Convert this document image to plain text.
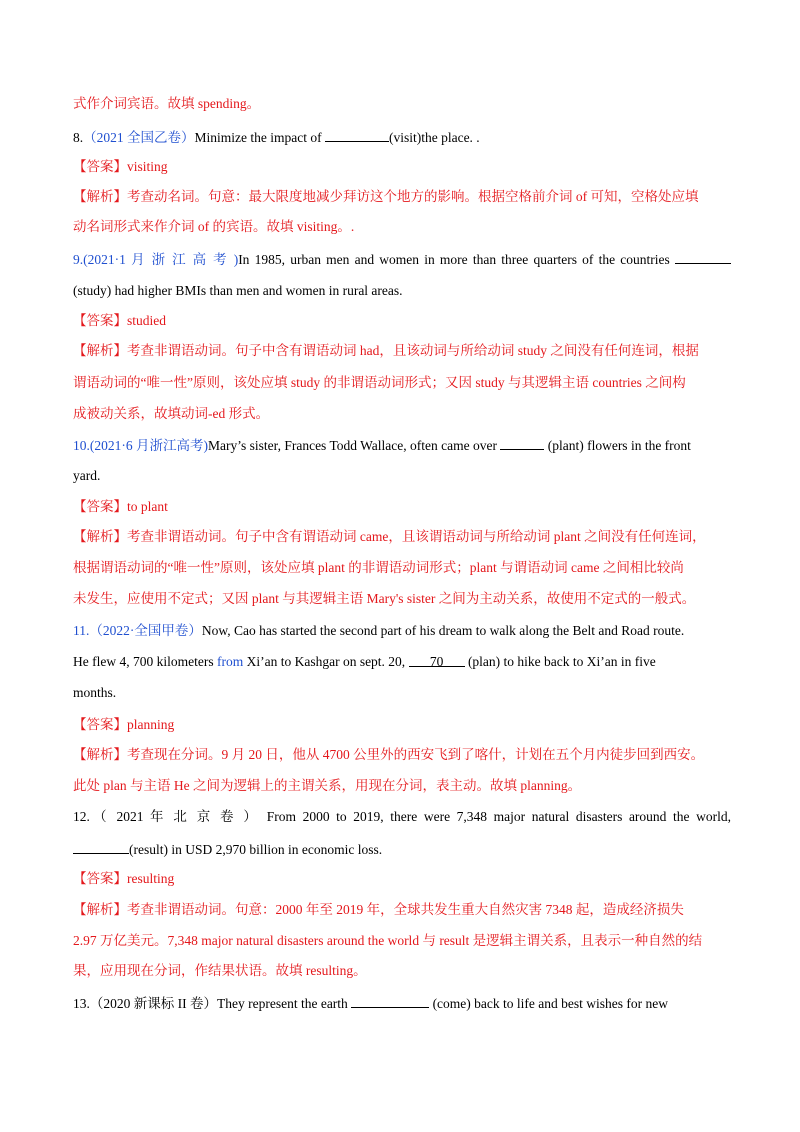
式作介词宾语。故填 spending。
8.（2021 全国乙卷）Minimize the impact of	(visit)the place. .
【答案】visiting
【解析】考查动名词。句意：最大限度地减少拜访这个地方的影响。根据空格前介词 of 可知，空格处应填
动名词形式来作介词 of 的宾语。故填 visiting。.
9.(2021·1 月 浙 江 高 考 )In 1985, urban men and women in more than three quarters of the countries
(study) had higher BMIs than men and women in rural areas.
【答案】studied
【解析】考查非谓语动词。句子中含有谓语动词 had，且该动词与所给动词 study 之间没有任何连词，根据
谓语动词的“唯一性”原则，该处应填 study 的非谓语动词形式；又因 study 与其逻辑主语 countries 之间构
成被动关系，故填动词-ed 形式。
10.(2021·6 月浙江高考)Mary’s sister, Frances Todd Wallace, often came over	(plant) flowers in the front
yard.
【答案】to plant
【解析】考查非谓语动词。句子中含有谓语动词 came，且该谓语动词与所给动词 plant 之间没有任何连词，
根据谓语动词的“唯一性”原则，该处应填 plant 的非谓语动词形式；plant 与谓语动词 came 之间相比较尚
未发生，应使用不定式；又因 plant 与其逻辑主语 Mary's sister 之间为主动关系，故使用不定式的一般式。
11.（2022·全国甲卷）Now, Cao has started the second part of his dream to walk along the Belt and Road route.
He flew 4, 700 kilometers from Xi’an to Kashgar on sept. 20, 70 (plan) to hike back to Xi’an in five
months.
【答案】planning
【解析】考查现在分词。9 月 20 日，他从 4700 公里外的西安飞到了喀什，计划在五个月内徒步回到西安。
此处 plan 与主语 He 之间为逻辑上的主谓关系，用现在分词，表主动。故填 planning。
12.（ 2021 年 北 京 卷 ） From 2000 to 2019, there were 7,348 major natural disasters around the world,
(result) in USD 2,970 billion in economic loss.
【答案】resulting
【解析】考查非谓语动词。句意：2000 年至 2019 年，全球共发生重大自然灾害 7348 起，造成经济损失
2.97 万亿美元。7,348 major natural disasters around the world 与 result 是逻辑主谓关系，且表示一种自然的结
果，应用现在分词，作结果状语。故填 resulting。
13.（2020 新课标 II 卷）They represent the earth	(come) back to life and best wishes for new
